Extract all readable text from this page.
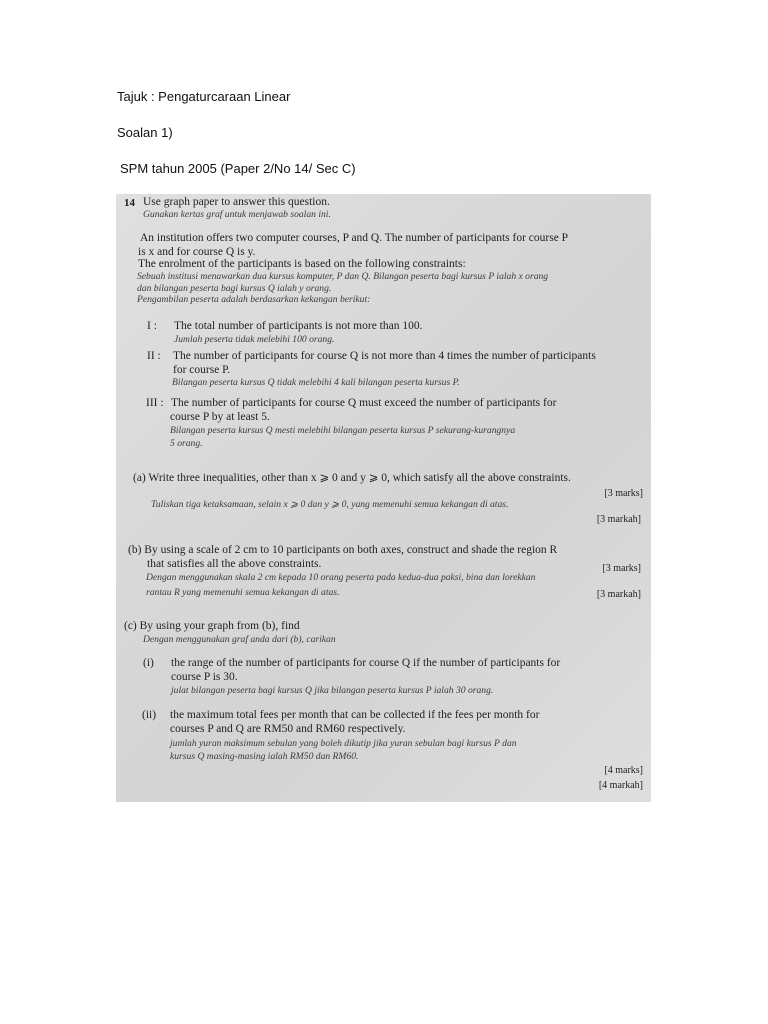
Tajuk : Pengaturcaraan Linear
Soalan 1)
SPM tahun 2005 (Paper 2/No 14/ Sec C)
14 Use graph paper to answer this question.
Gunakan kertas graf untuk menjawab soalan ini.
An institution offers two computer courses, P and Q. The number of participants for course P
is x and for course Q is y.
The enrolment of the participants is based on the following constraints:
Sebuah institusi menawarkan dua kursus komputer, P dan Q. Bilangan peserta bagi kursus P ialah x orang
dan bilangan peserta bagi kursus Q ialah y orang.
Pengambilan peserta adalah berdasarkan kekangan berikut:
I : The total number of participants is not more than 100.
Jumlah peserta tidak melebihi 100 orang.
II : The number of participants for course Q is not more than 4 times the number of participants
for course P.
Bilangan peserta kursus Q tidak melebihi 4 kali bilangan peserta kursus P.
III : The number of participants for course Q must exceed the number of participants for
course P by at least 5.
Bilangan peserta kursus Q mesti melebihi bilangan peserta kursus P sekurang-kurangnya
5 orang.
(a) Write three inequalities, other than x ⩾ 0 and y ⩾ 0, which satisfy all the above constraints.
[3 marks]
Tuliskan tiga ketaksamaan, selain x ⩾ 0 dan y ⩾ 0, yang memenuhi semua kekangan di atas.
[3 markah]
(b) By using a scale of 2 cm to 10 participants on both axes, construct and shade the region R
that satisfies all the above constraints.	[3 marks]
Dengan menggunakan skala 2 cm kepada 10 orang peserta pada kedua-dua paksi, bina dan lorekkan
rantau R yang memenuhi semua kekangan di atas.	[3 markah]
(c) By using your graph from (b), find
Dengan menggunakan graf anda dari (b), carikan
(i) the range of the number of participants for course Q if the number of participants for
course P is 30.
julat bilangan peserta bagi kursus Q jika bilangan peserta kursus P ialah 30 orang.
(ii) the maximum total fees per month that can be collected if the fees per month for
courses P and Q are RM50 and RM60 respectively.
jumlah yuran maksimum sebulan yang boleh dikutip jika yuran sebulan bagi kursus P dan
kursus Q masing-masing ialah RM50 dan RM60.
[4 marks]
[4 markah]
